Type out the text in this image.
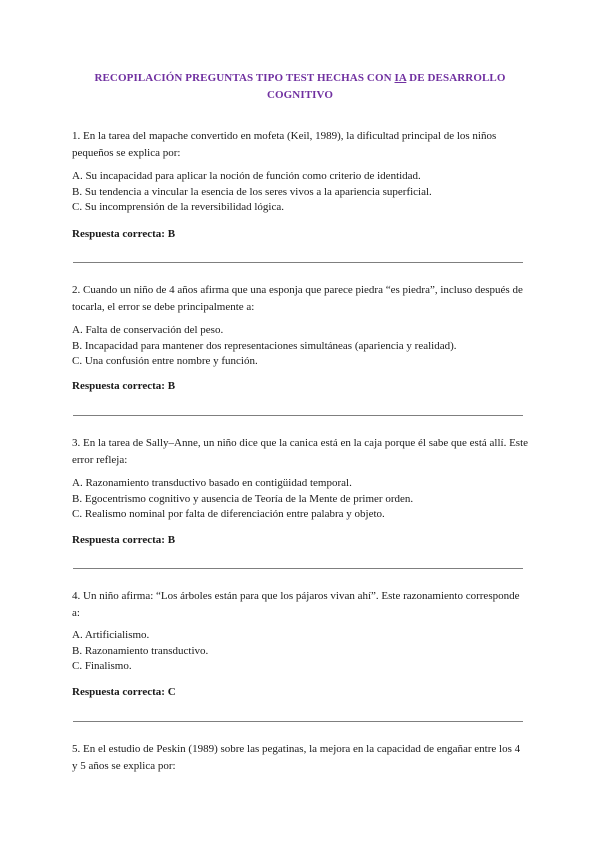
RECOPILACIÓN PREGUNTAS TIPO TEST HECHAS CON IA DE DESARROLLO
COGNITIVO
1. En la tarea del mapache convertido en mofeta (Keil, 1989), la dificultad principal de los niños pequeños se explica por:
A. Su incapacidad para aplicar la noción de función como criterio de identidad.
B. Su tendencia a vincular la esencia de los seres vivos a la apariencia superficial.
C. Su incomprensión de la reversibilidad lógica.
Respuesta correcta: B
2. Cuando un niño de 4 años afirma que una esponja que parece piedra “es piedra”, incluso después de tocarla, el error se debe principalmente a:
A. Falta de conservación del peso.
B. Incapacidad para mantener dos representaciones simultáneas (apariencia y realidad).
C. Una confusión entre nombre y función.
Respuesta correcta: B
3. En la tarea de Sally–Anne, un niño dice que la canica está en la caja porque él sabe que está allí. Este error refleja:
A. Razonamiento transductivo basado en contigüidad temporal.
B. Egocentrismo cognitivo y ausencia de Teoría de la Mente de primer orden.
C. Realismo nominal por falta de diferenciación entre palabra y objeto.
Respuesta correcta: B
4. Un niño afirma: “Los árboles están para que los pájaros vivan ahí”. Este razonamiento corresponde a:
A. Artificialismo.
B. Razonamiento transductivo.
C. Finalismo.
Respuesta correcta: C
5. En el estudio de Peskin (1989) sobre las pegatinas, la mejora en la capacidad de engañar entre los 4 y 5 años se explica por:
